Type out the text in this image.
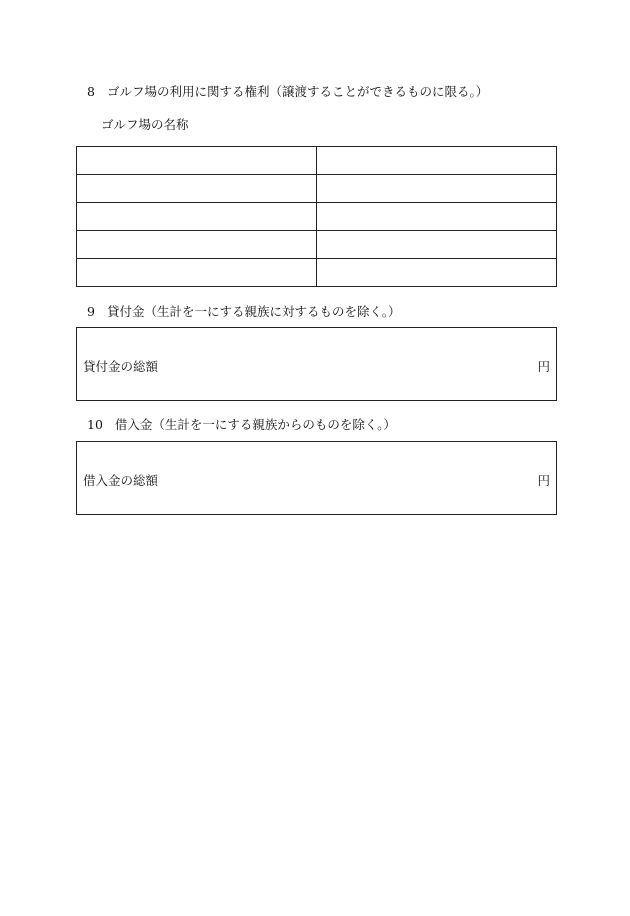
8 ゴルフ場の利用に関する権利（譲渡することができるものに限る。）
ゴルフ場の名称

9 貸付金（生計を一にする親族に対するものを除く。）
貸付金の総額	円
10 借入金（生計を一にする親族からのものを除く。）
借入金の総額	円
